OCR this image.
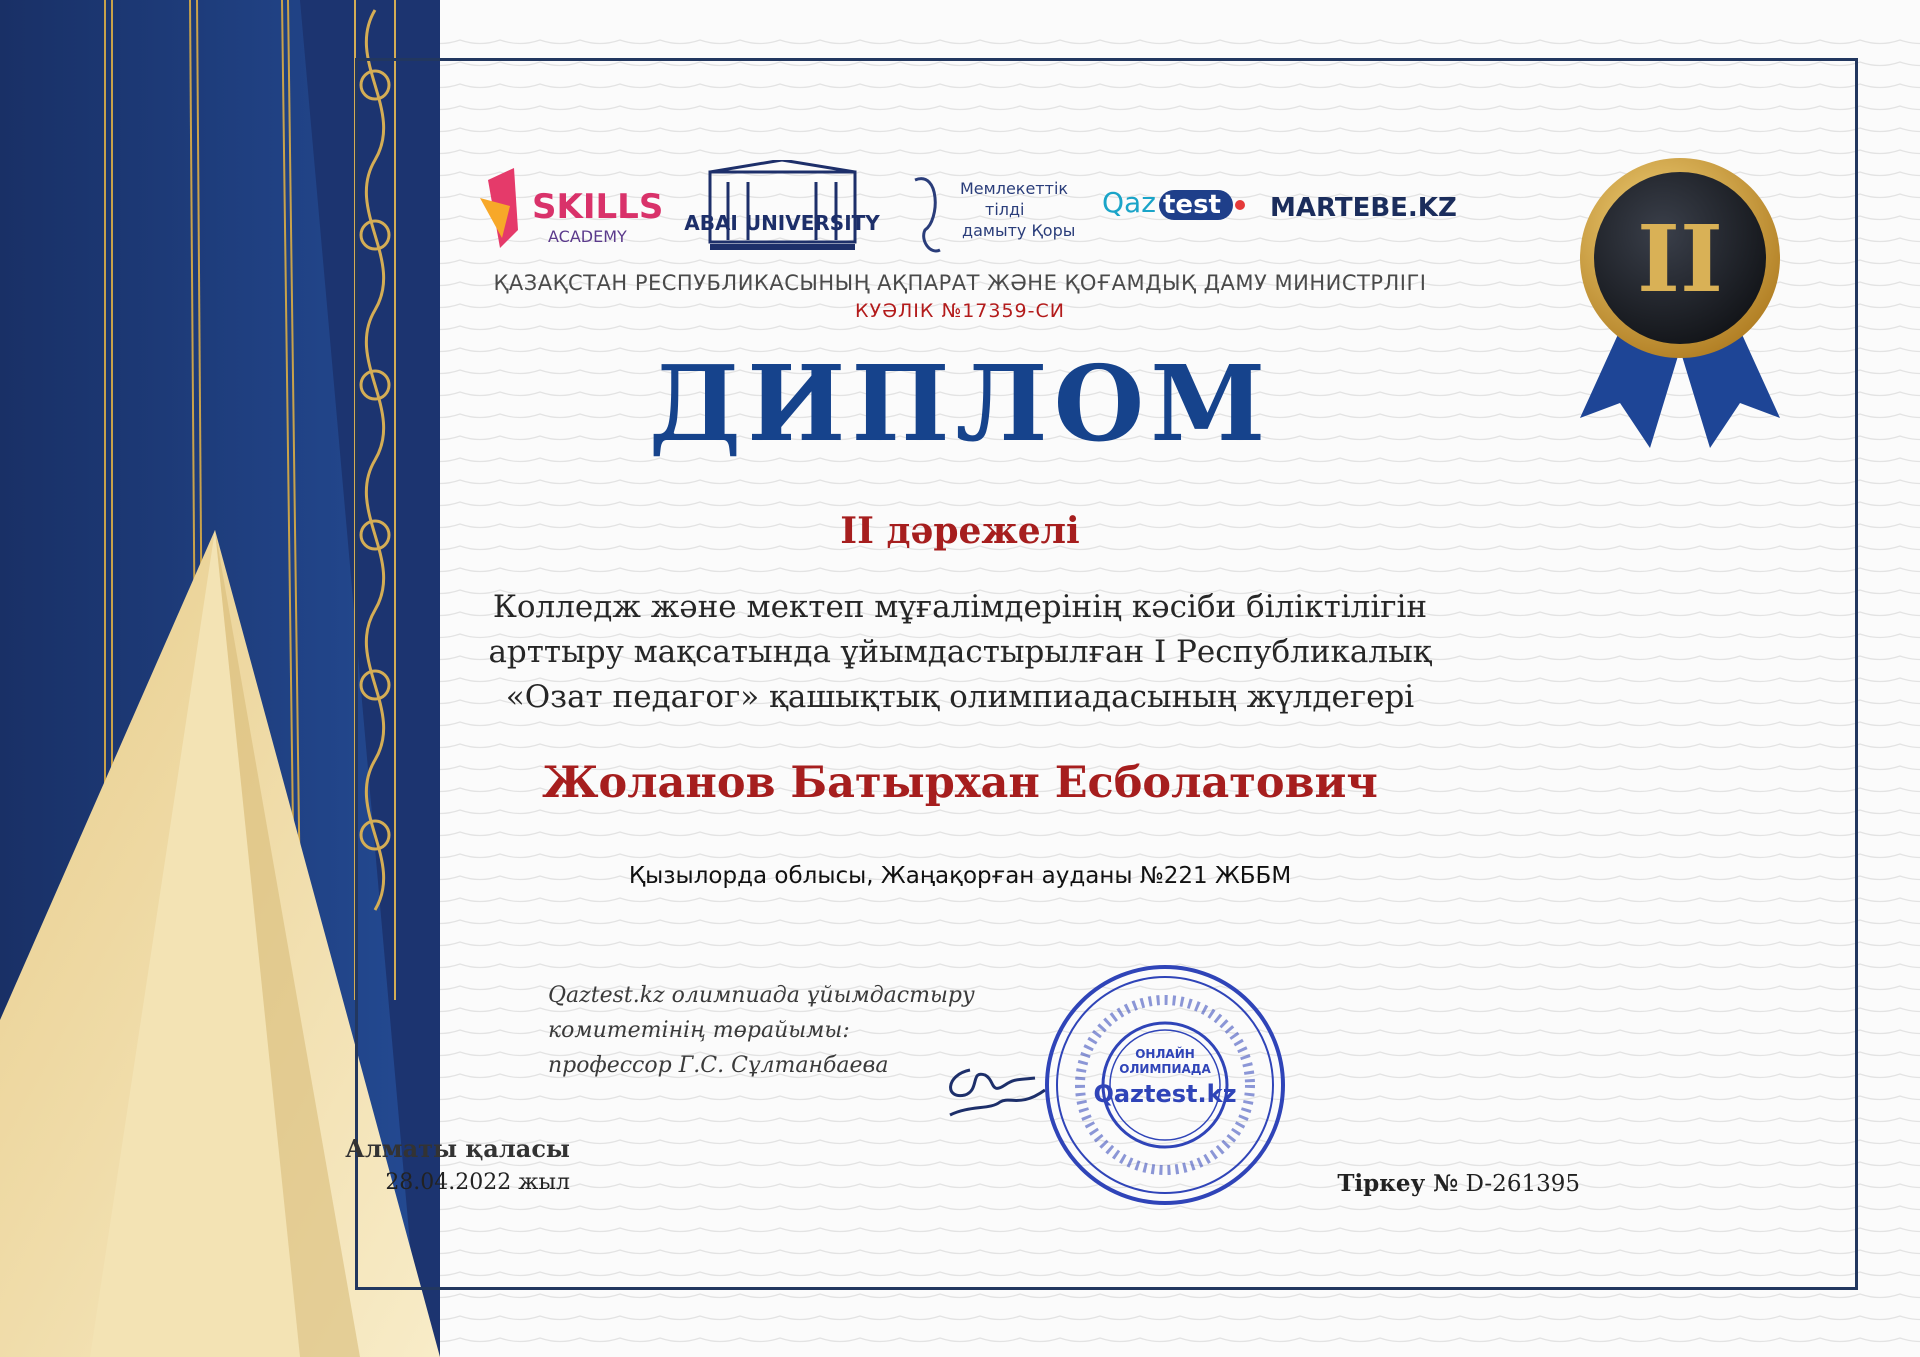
SKILLS
ACADEMY
ABAI UNIVERSITY
Мемлекеттік
тілді
дамыту Қоры
Qaz test MARTEBE.KZ
ҚАЗАҚСТАН РЕСПУБЛИКАСЫНЫҢ АҚПАРАТ ЖӘНЕ ҚОҒАМДЫҚ ДАМУ МИНИСТРЛІГІ
КУӘЛІК №17359-СИ
ДИПЛОМ
ІІ дәрежелі
Колледж және мектеп мұғалімдерінің кәсіби біліктілігін
арттыру мақсатында ұйымдастырылған І Республикалық
«Озат педагог» қашықтық олимпиадасының жүлдегері
Жоланов Батырхан Есболатович
Қызылорда облысы, Жаңақорған ауданы №221 ЖББМ
Qaztest.kz олимпиада ұйымдастыру
комитетінің төрайымы:
профессор Г.С. Сұлтанбаева	ОНЛАЙН
ОЛИМПИАДА
Qaztest.kz
II
Алматы қаласы
28.04.2022 жыл	Тіркеу № D-261395
